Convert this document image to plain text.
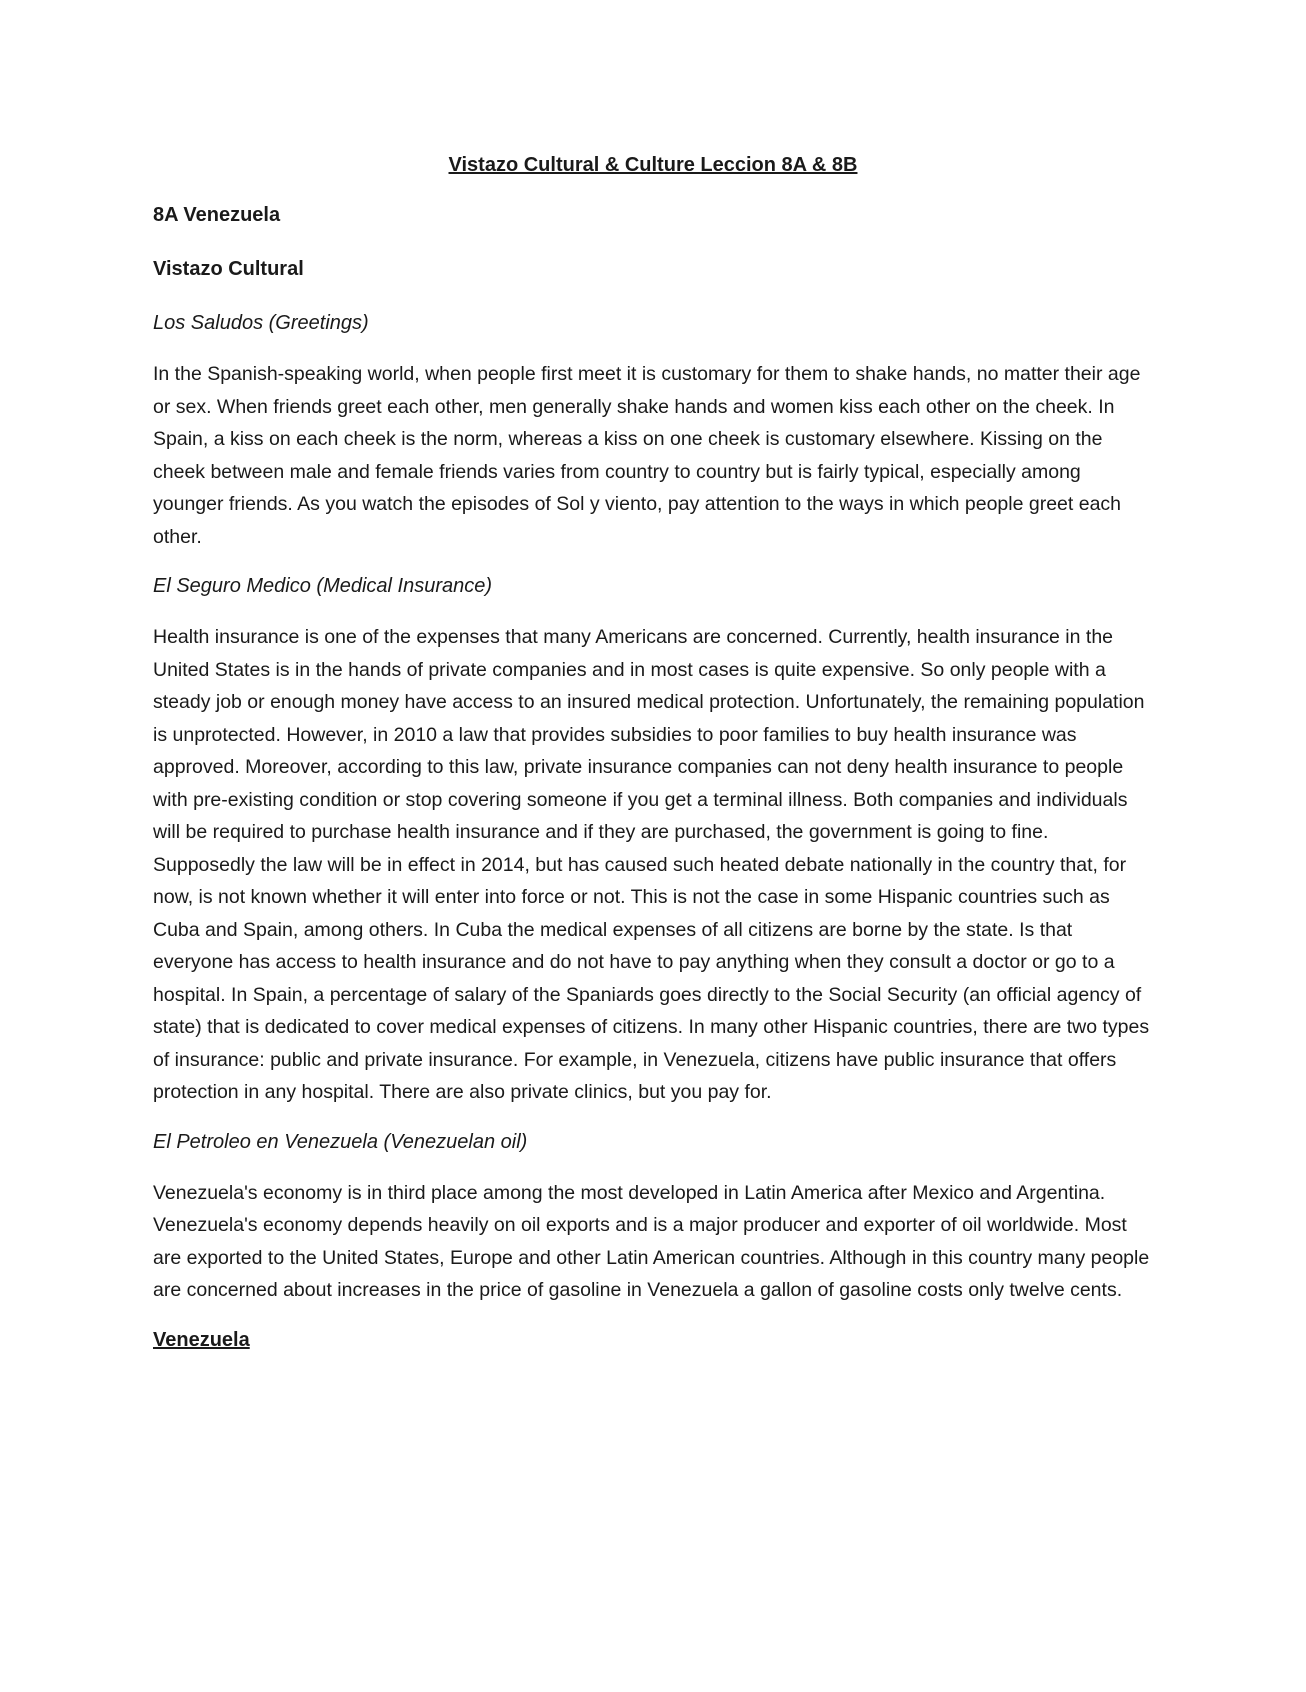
Vistazo Cultural & Culture Leccion 8A & 8B
8A Venezuela
Vistazo Cultural
Los Saludos (Greetings)

In the Spanish-speaking world, when people first meet it is customary for them to shake hands, no matter their age or sex. When friends greet each other, men generally shake hands and women kiss each other on the cheek. In Spain, a kiss on each cheek is the norm, whereas a kiss on one cheek is customary elsewhere. Kissing on the cheek between male and female friends varies from country to country but is fairly typical, especially among younger friends. As you watch the episodes of Sol y viento, pay attention to the ways in which people greet each other.

El Seguro Medico (Medical Insurance)

Health insurance is one of the expenses that many Americans are concerned. Currently, health insurance in the United States is in the hands of private companies and in most cases is quite expensive. So only people with a steady job or enough money have access to an insured medical protection. Unfortunately, the remaining population is unprotected. However, in 2010 a law that provides subsidies to poor families to buy health insurance was approved. Moreover, according to this law, private insurance companies can not deny health insurance to people with pre-existing condition or stop covering someone if you get a terminal illness. Both companies and individuals will be required to purchase health insurance and if they are purchased, the government is going to fine. Supposedly the law will be in effect in 2014, but has caused such heated debate nationally in the country that, for now, is not known whether it will enter into force or not. This is not the case in some Hispanic countries such as Cuba and Spain, among others. In Cuba the medical expenses of all citizens are borne by the state. Is that everyone has access to health insurance and do not have to pay anything when they consult a doctor or go to a hospital. In Spain, a percentage of salary of the Spaniards goes directly to the Social Security (an official agency of state) that is dedicated to cover medical expenses of citizens. In many other Hispanic countries, there are two types of insurance: public and private insurance. For example, in Venezuela, citizens have public insurance that offers protection in any hospital. There are also private clinics, but you pay for.

El Petroleo en Venezuela (Venezuelan oil)

Venezuela's economy is in third place among the most developed in Latin America after Mexico and Argentina. Venezuela's economy depends heavily on oil exports and is a major producer and exporter of oil worldwide. Most are exported to the United States, Europe and other Latin American countries. Although in this country many people are concerned about increases in the price of gasoline in Venezuela a gallon of gasoline costs only twelve cents.

Venezuela
